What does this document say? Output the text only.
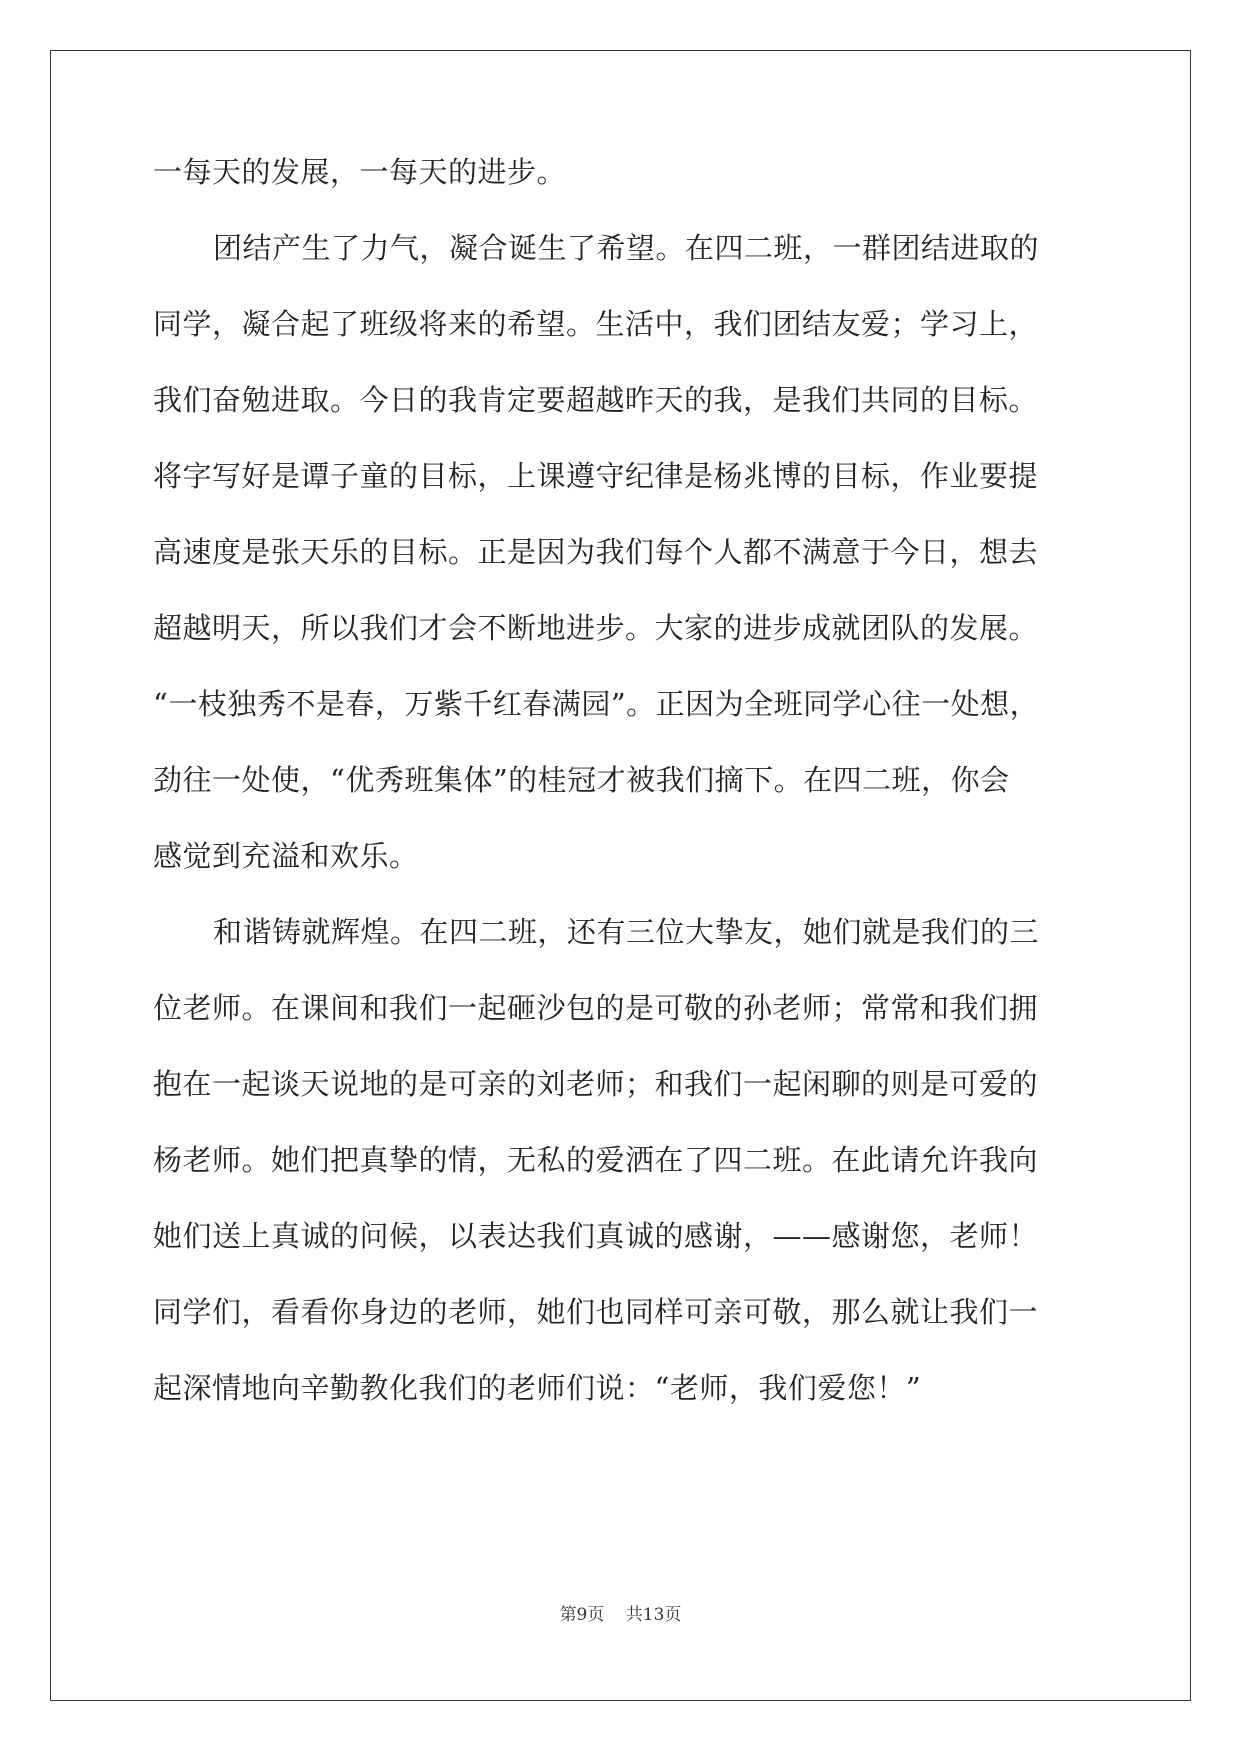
一每天的发展，一每天的进步。

团结产生了力气，凝合诞生了希望。在四二班，一群团结进取的

同学，凝合起了班级将来的希望。生活中，我们团结友爱；学习上，

我们奋勉进取。今日的我肯定要超越昨天的我，是我们共同的目标。

将字写好是谭子童的目标，上课遵守纪律是杨兆博的目标，作业要提

高速度是张天乐的目标。正是因为我们每个人都不满意于今日，想去

超越明天，所以我们才会不断地进步。大家的进步成就团队的发展。

“一枝独秀不是春，万紫千红春满园”。正因为全班同学心往一处想，

劲往一处使，“优秀班集体”的桂冠才被我们摘下。在四二班，你会

感觉到充溢和欢乐。

和谐铸就辉煌。在四二班，还有三位大挚友，她们就是我们的三

位老师。在课间和我们一起砸沙包的是可敬的孙老师；常常和我们拥

抱在一起谈天说地的是可亲的刘老师；和我们一起闲聊的则是可爱的

杨老师。她们把真挚的情，无私的爱洒在了四二班。在此请允许我向

她们送上真诚的问候，以表达我们真诚的感谢，——感谢您，老师！

同学们，看看你身边的老师，她们也同样可亲可敬，那么就让我们一

起深情地向辛勤教化我们的老师们说：“老师，我们爱您！”

第9页 共13页
